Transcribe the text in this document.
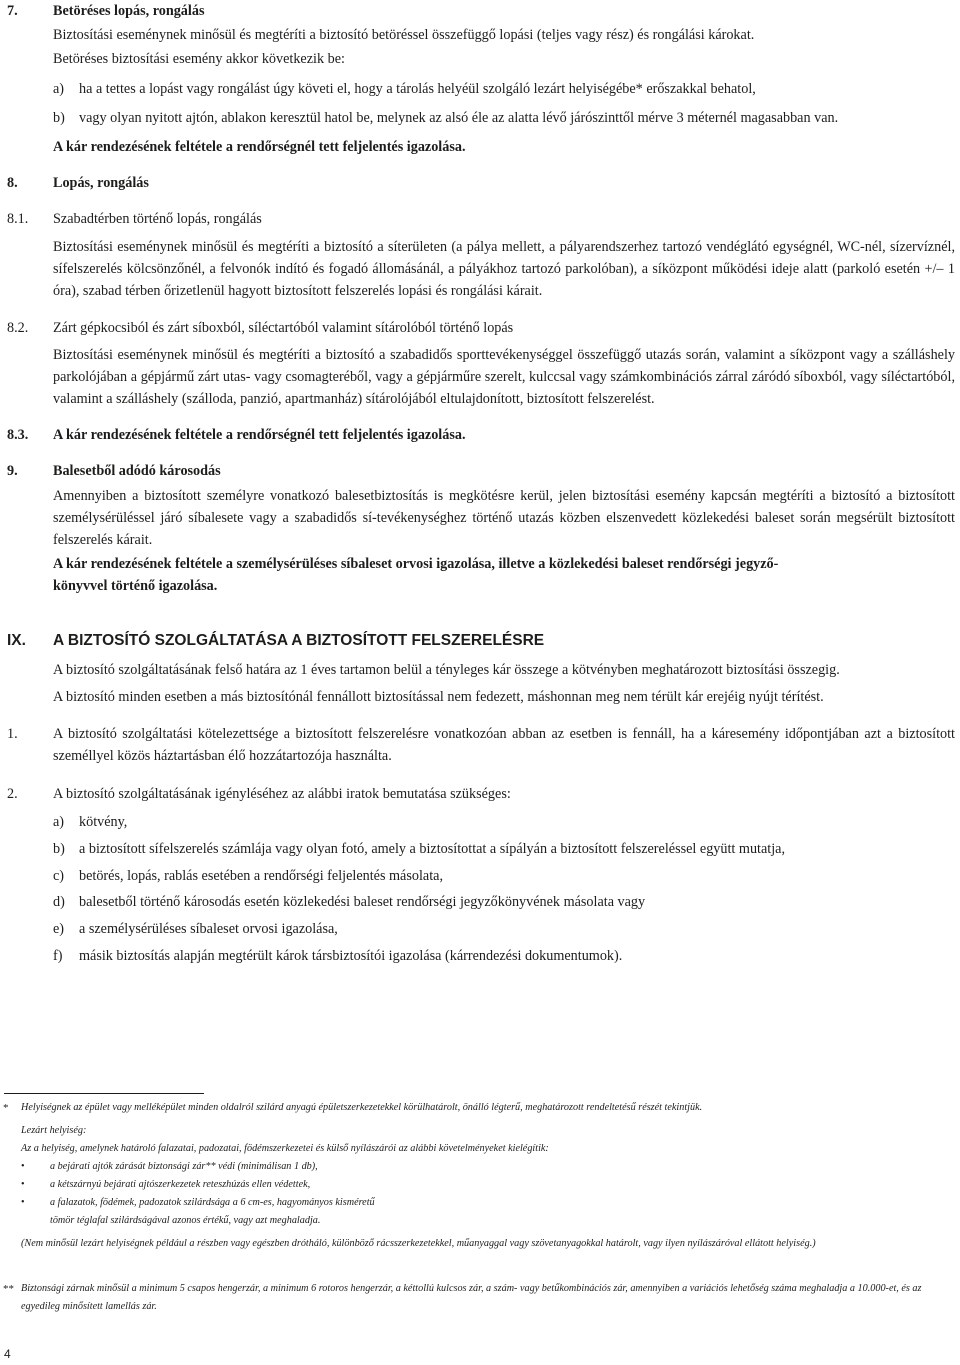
7. Betöréses lopás, rongálás
Biztosítási eseménynek minősül és megtéríti a biztosító betöréssel összefüggő lopási (teljes vagy rész) és rongálási károkat.
Betöréses biztosítási esemény akkor következik be:
a) ha a tettes a lopást vagy rongálást úgy követi el, hogy a tárolás helyéül szolgáló lezárt helyiségébe* erőszakkal behatol,
b) vagy olyan nyitott ajtón, ablakon keresztül hatol be, melynek az alsó éle az alatta lévő járószinttől mérve 3 méternél magasabban van.
A kár rendezésének feltétele a rendőrségnél tett feljelentés igazolása.
8. Lopás, rongálás
8.1. Szabadtérben történő lopás, rongálás
Biztosítási eseménynek minősül és megtéríti a biztosító a síterületen (a pálya mellett, a pályarendszerhez tartozó vendéglátó egységnél, WC-nél, sízervíznél, sífelszerelés kölcsönzőnél, a felvonók indító és fogadó állomásánál, a pályákhoz tartozó parkolóban), a síközpont működési ideje alatt (parkoló esetén +/– 1 óra), szabad térben őrizetlenül hagyott biztosított felszerelés lopási és rongálási kárait.
8.2. Zárt gépkocsiból és zárt síboxból, síléctartóból valamint sítárolóból történő lopás
Biztosítási eseménynek minősül és megtéríti a biztosító a szabadidős sporttevékenységgel összefüggő utazás során, valamint a síközpont vagy a szálláshely parkolójában a gépjármű zárt utas- vagy csomagteréből, vagy a gépjárműre szerelt, kulccsal vagy számkombinációs zárral záródó síboxból, vagy síléctartóból, valamint a szálláshely (szálloda, panzió, apartmanház) sítárolójából eltulajdonított, biztosított felszerelést.
8.3. A kár rendezésének feltétele a rendőrségnél tett feljelentés igazolása.
9. Balesetből adódó károsodás
Amennyiben a biztosított személyre vonatkozó balesetbiztosítás is megkötésre kerül, jelen biztosítási esemény kapcsán megtéríti a biztosító a biztosított személysérüléssel járó síbalesete vagy a szabadidős sí-tevékenységhez történő utazás közben elszenvedett közlekedési baleset során megsérült biztosított felszerelés kárait.
A kár rendezésének feltétele a személysérüléses síbaleset orvosi igazolása, illetve a közlekedési baleset rendőrségi jegyző-
könyvvel történő igazolása.
IX. A BIZTOSÍTÓ SZOLGÁLTATÁSA A BIZTOSÍTOTT FELSZERELÉSRE
A biztosító szolgáltatásának felső határa az 1 éves tartamon belül a tényleges kár összege a kötvényben meghatározott biztosítási összegig.
A biztosító minden esetben a más biztosítónál fennállott biztosítással nem fedezett, máshonnan meg nem térült kár erejéig nyújt térítést.
1. A biztosító szolgáltatási kötelezettsége a biztosított felszerelésre vonatkozóan abban az esetben is fennáll, ha a káresemény időpontjában azt a biztosított személlyel közös háztartásban élő hozzátartozója használta.
2. A biztosító szolgáltatásának igényléséhez az alábbi iratok bemutatása szükséges:
a) kötvény,
b) a biztosított sífelszerelés számlája vagy olyan fotó, amely a biztosítottat a sípályán a biztosított felszereléssel együtt mutatja,
c) betörés, lopás, rablás esetében a rendőrségi feljelentés másolata,
d) balesetből történő károsodás esetén közlekedési baleset rendőrségi jegyzőkönyvének másolata vagy
e) a személysérüléses síbaleset orvosi igazolása,
f) másik biztosítás alapján megtérült károk társbiztosítói igazolása (kárrendezési dokumentumok).
* Helyiségnek az épület vagy melléképület minden oldalról szilárd anyagú épületszerkezetekkel körülhatárolt, önálló légterű, meghatározott rendeltetésű részét tekintjük.
Lezárt helyiség:
Az a helyiség, amelynek határoló falazatai, padozatai, födémszerkezetei és külső nyílászárói az alábbi követelményeket kielégítik:
• a bejárati ajtók zárását biztonsági zár** védi (minimálisan 1 db),
• a kétszárnyú bejárati ajtószerkezetek reteszhúzás ellen védettek,
• a falazatok, födémek, padozatok szilárdsága a 6 cm-es, hagyományos kisméretű
tömör téglafal szilárdságával azonos értékű, vagy azt meghaladja.
(Nem minősül lezárt helyiségnek például a részben vagy egészben drótháló, különböző rácsszerkezetekkel, műanyaggal vagy szövetanyagokkal határolt, vagy ilyen nyílászáróval ellátott helyiség.)
** Biztonsági zárnak minősül a minimum 5 csapos hengerzár, a minimum 6 rotoros hengerzár, a kéttollú kulcsos zár, a szám- vagy betűkombinációs zár, amennyiben a variációs lehetőség száma meghaladja a 10.000-et, és az egyedileg minősített lamellás zár.
4
